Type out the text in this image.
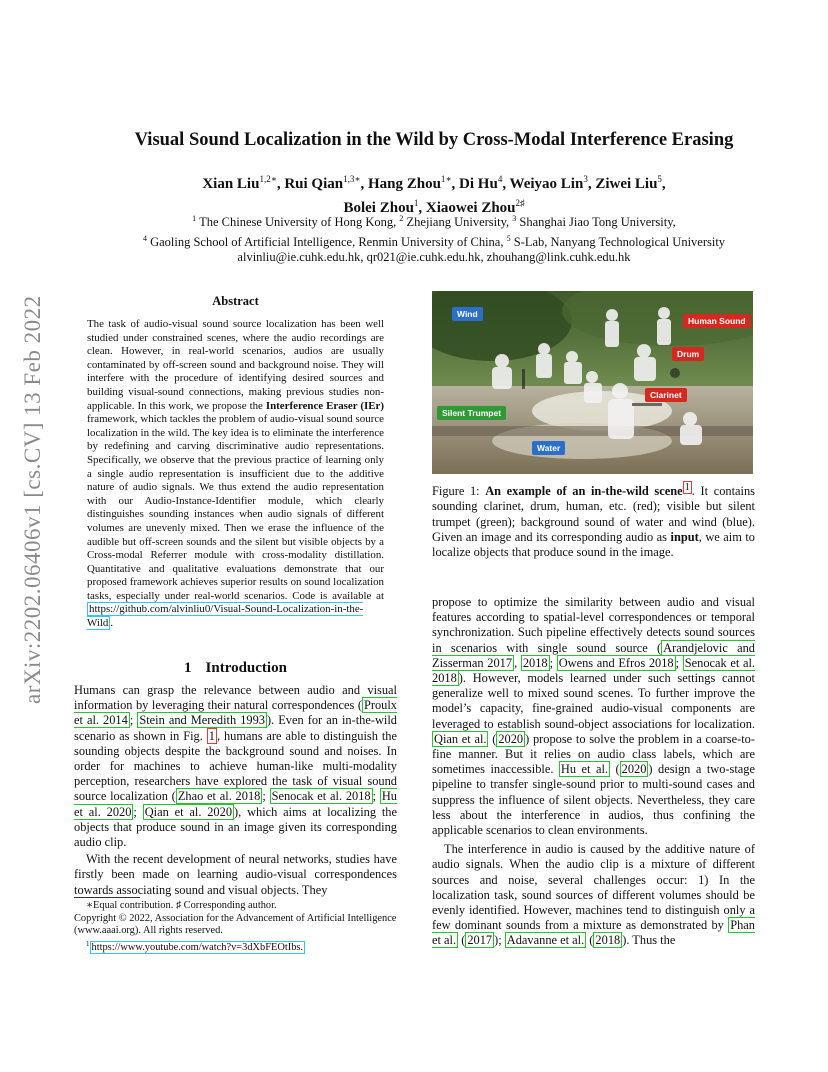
arXiv:2202.06406v1 [cs.CV] 13 Feb 2022
Visual Sound Localization in the Wild by Cross-Modal Interference Erasing
Xian Liu$^{1,2∗}$, Rui Qian$^{1,3∗}$, Hang Zhou$^{1∗}$, Di Hu$^4$, Weiyao Lin$^3$, Ziwei Liu$^5$,
Bolei Zhou$^1$, Xiaowei Zhou$^{2♯}$
$^1$ The Chinese University of Hong Kong, $^2$ Zhejiang University, $^3$ Shanghai Jiao Tong University,
$^4$ Gaoling School of Artificial Intelligence, Renmin University of China, $^5$ S-Lab, Nanyang Technological University
alvinliu@ie.cuhk.edu.hk, qr021@ie.cuhk.edu.hk, zhouhang@link.cuhk.edu.hk
Abstract
The task of audio-visual sound source localization has been well studied under constrained scenes, where the audio recordings are clean. However, in real-world scenarios, audios are usually contaminated by off-screen sound and background noise. They will interfere with the procedure of identifying desired sources and building visual-sound connections, making previous studies non-applicable. In this work, we propose the Interference Eraser (IEr) framework, which tackles the problem of audio-visual sound source localization in the wild. The key idea is to eliminate the interference by redefining and carving discriminative audio representations. Specifically, we observe that the previous practice of learning only a single audio representation is insufficient due to the additive nature of audio signals. We thus extend the audio representation with our Audio-Instance-Identifier module, which clearly distinguishes sounding instances when audio signals of different volumes are unevenly mixed. Then we erase the influence of the audible but off-screen sounds and the silent but visible objects by a Cross-modal Referrer module with cross-modality distillation. Quantitative and qualitative evaluations demonstrate that our proposed framework achieves superior results on sound localization tasks, especially under real-world scenarios. Code is available at https://github.com/alvinliu0/Visual-Sound-Localization-in-the-Wild .
1 Introduction

Humans can grasp the relevance between audio and visual information by leveraging their natural correspondences ( Proulx et al. 2014 ; Stein and Meredith 1993 ). Even for an in-the-wild scenario as shown in Fig. 1 , humans are able to distinguish the sounding objects despite the background sound and noises. In order for machines to achieve human-like multi-modality perception, researchers have explored the task of visual sound source localization ( Zhao et al. 2018 ; Senocak et al. 2018 ; Hu et al. 2020 ; Qian et al. 2020 ), which aims at localizing the objects that produce sound in an image given its corresponding audio clip.

With the recent development of neural networks, studies have firstly been made on learning audio-visual correspondences towards associating sound and visual objects. They

∗Equal contribution. ♯ Corresponding author.
Copyright © 2022, Association for the Advancement of Artificial Intelligence (www.aaai.org). All rights reserved.
$^1$ https://www.youtube.com/watch?v=3dXbFEOtIbs.
Wind
Human Sound
Drum
Clarinet
Silent Trumpet
Water
Figure 1: An example of an in-the-wild scene $^1$ . It contains sounding clarinet, drum, human, etc. (red); visible but silent trumpet (green); background sound of water and wind (blue). Given an image and its corresponding audio as input, we aim to localize objects that produce sound in the image.

propose to optimize the similarity between audio and visual features according to spatial-level correspondences or temporal synchronization. Such pipeline effectively detects sound sources in scenarios with single sound source ( Arandjelovic and Zisserman 2017 , 2018 ; Owens and Efros 2018 ; Senocak et al. 2018 ). However, models learned under such settings cannot generalize well to mixed sound scenes. To further improve the model’s capacity, fine-grained audio-visual components are leveraged to establish sound-object associations for localization. Qian et al. ( 2020 ) propose to solve the problem in a coarse-to-fine manner. But it relies on audio class labels, which are sometimes inaccessible. Hu et al. ( 2020 ) design a two-stage pipeline to transfer single-sound prior to multi-sound cases and suppress the influence of silent objects. Nevertheless, they care less about the interference in audios, thus confining the applicable scenarios to clean environments.

The interference in audio is caused by the additive nature of audio signals. When the audio clip is a mixture of different sources and noise, several challenges occur: 1) In the localization task, sound sources of different volumes should be evenly identified. However, machines tend to distinguish only a few dominant sounds from a mixture as demonstrated by Phan et al. ( 2017 ); Adavanne et al. ( 2018 ). Thus the
